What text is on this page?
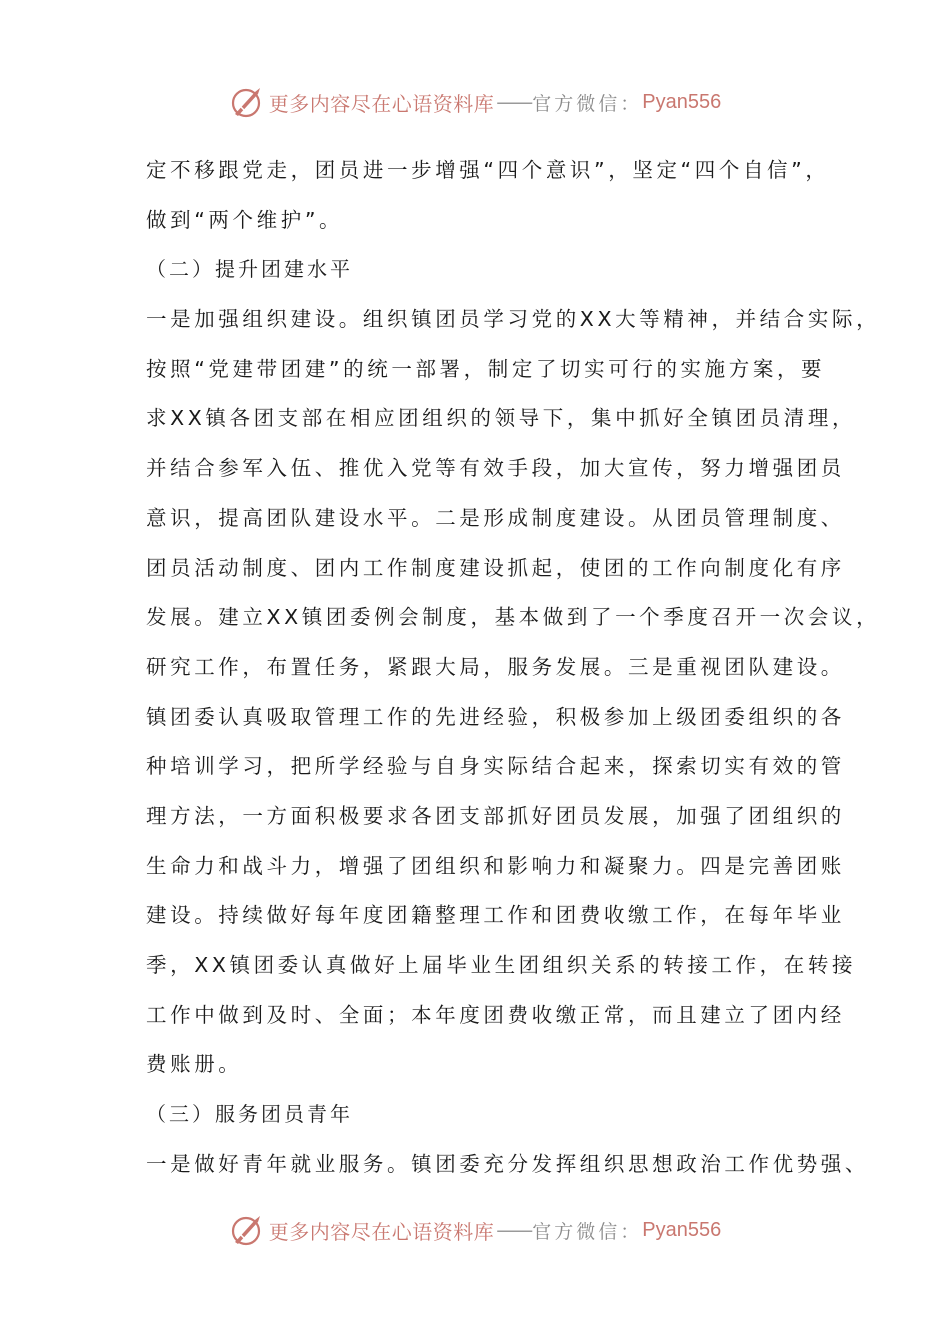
更多内容尽在心语资料库 —— 官方微信： Pyan556
定不移跟党走，团员进一步增强“四个意识”，坚定“四个自信”，
做到“两个维护”。
（二）提升团建水平
一是加强组织建设。组织镇团员学习党的XX大等精神，并结合实际，
按照“党建带团建”的统一部署，制定了切实可行的实施方案，要
求XX镇各团支部在相应团组织的领导下，集中抓好全镇团员清理，
并结合参军入伍、推优入党等有效手段，加大宣传，努力增强团员
意识，提高团队建设水平。二是形成制度建设。从团员管理制度、
团员活动制度、团内工作制度建设抓起，使团的工作向制度化有序
发展。建立XX镇团委例会制度，基本做到了一个季度召开一次会议，
研究工作，布置任务，紧跟大局，服务发展。三是重视团队建设。
镇团委认真吸取管理工作的先进经验，积极参加上级团委组织的各
种培训学习，把所学经验与自身实际结合起来，探索切实有效的管
理方法，一方面积极要求各团支部抓好团员发展，加强了团组织的
生命力和战斗力，增强了团组织和影响力和凝聚力。四是完善团账
建设。持续做好每年度团籍整理工作和团费收缴工作，在每年毕业
季，XX镇团委认真做好上届毕业生团组织关系的转接工作，在转接
工作中做到及时、全面；本年度团费收缴正常，而且建立了团内经
费账册。
（三）服务团员青年
一是做好青年就业服务。镇团委充分发挥组织思想政治工作优势强、
更多内容尽在心语资料库 —— 官方微信： Pyan556
